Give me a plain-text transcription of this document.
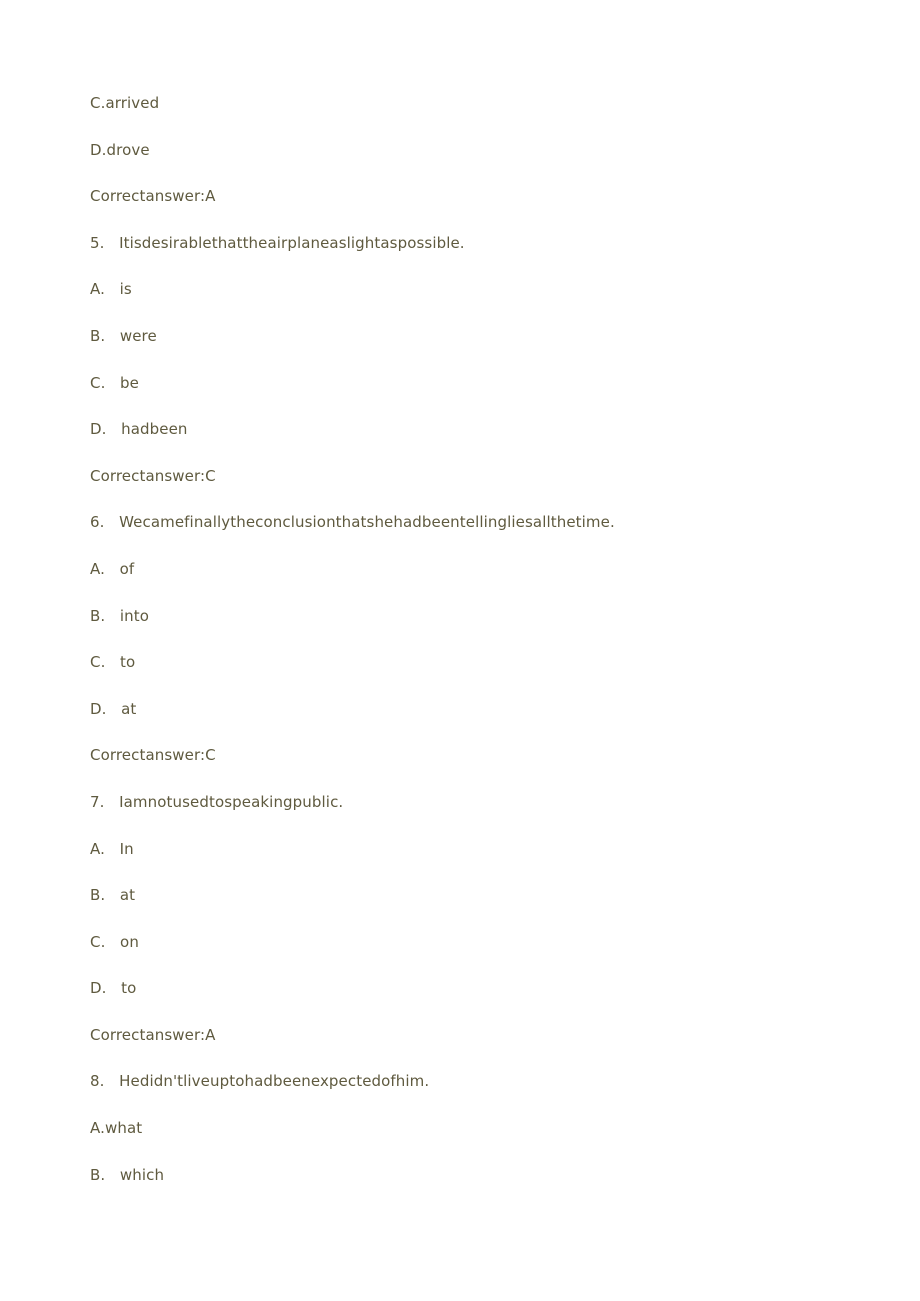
C.arrived
D.drove
Correctanswer:A
5.   Itisdesirablethattheairplaneaslightaspossible.
A.   is
B.   were
C.   be
D.   hadbeen
Correctanswer:C
6.   Wecamefinallytheconclusionthatshehadbeentellingliesallthetime.
A.   of
B.   into
C.   to
D.   at
Correctanswer:C
7.   Iamnotusedtospeakingpublic.
A.   In
B.   at
C.   on
D.   to
Correctanswer:A
8.   Hedidn'tliveuptohadbeenexpectedofhim.
A.what
B.   which
